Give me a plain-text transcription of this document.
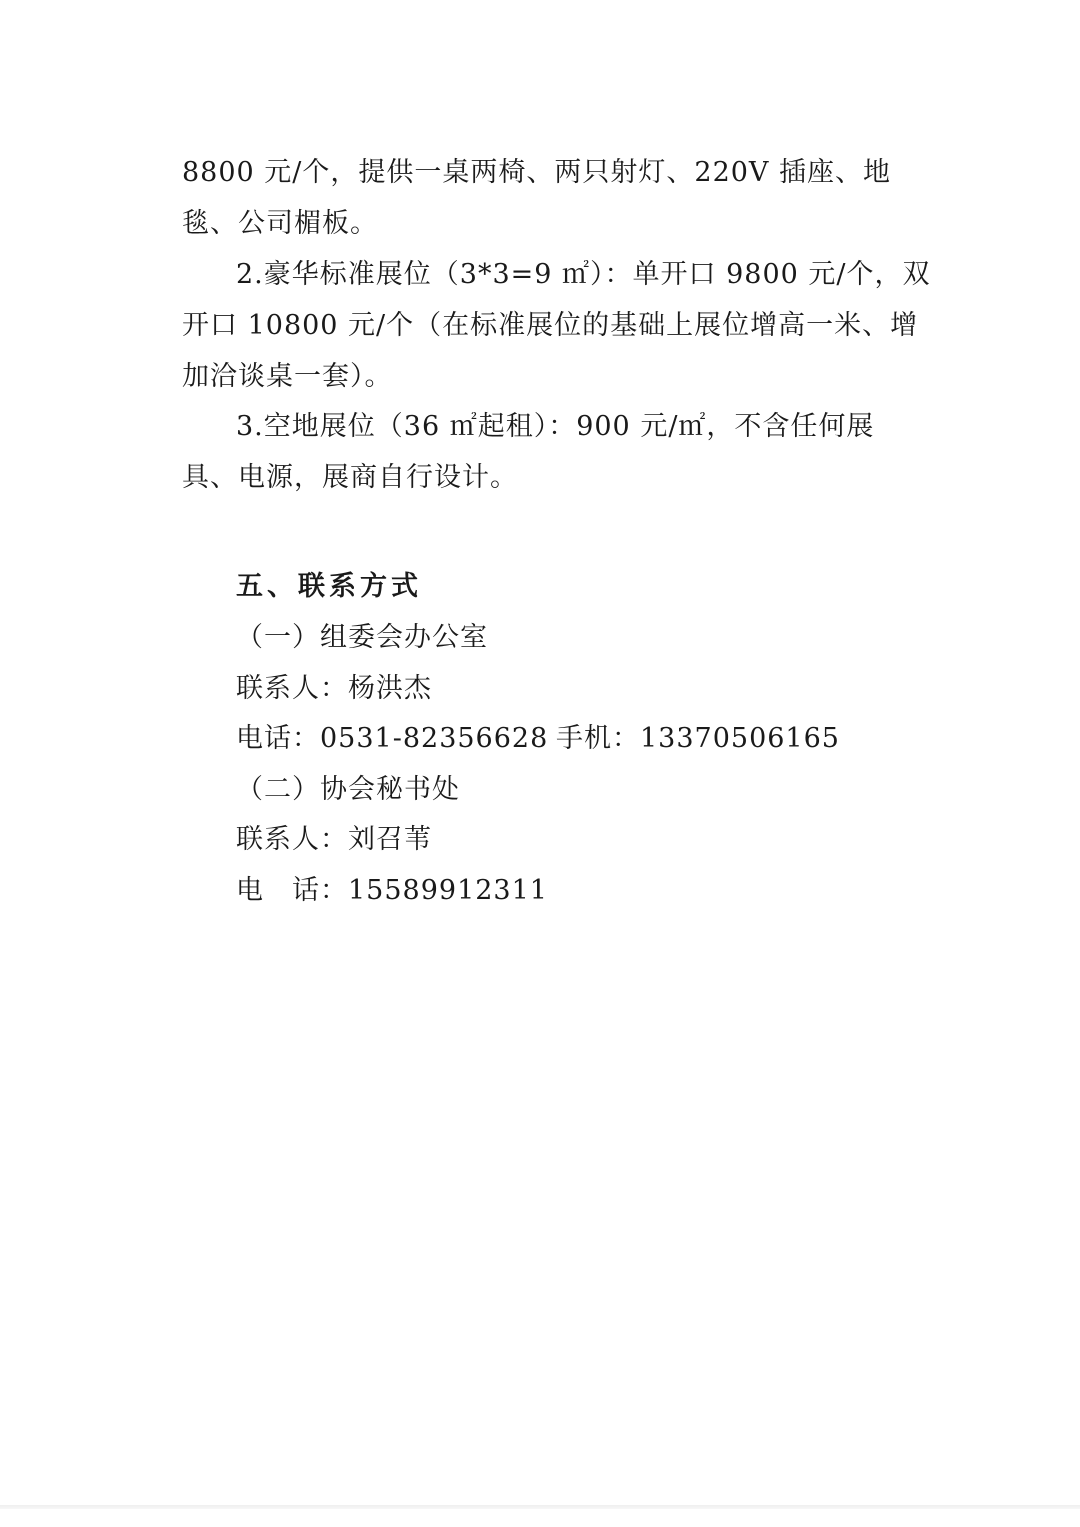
8800 元/个，提供一桌两椅、两只射灯、220V 插座、地
毯、公司楣板。
2.豪华标准展位（3*3=9 ㎡）：单开口 9800 元/个，双
开口 10800 元/个（在标准展位的基础上展位增高一米、增
加洽谈桌一套）。
3.空地展位（36 ㎡起租）：900 元/㎡，不含任何展
具、电源，展商自行设计。
五、联系方式
（一）组委会办公室
联系人：杨洪杰
电话：0531-82356628 手机：13370506165
（二）协会秘书处
联系人：刘召苇
电　话：15589912311
